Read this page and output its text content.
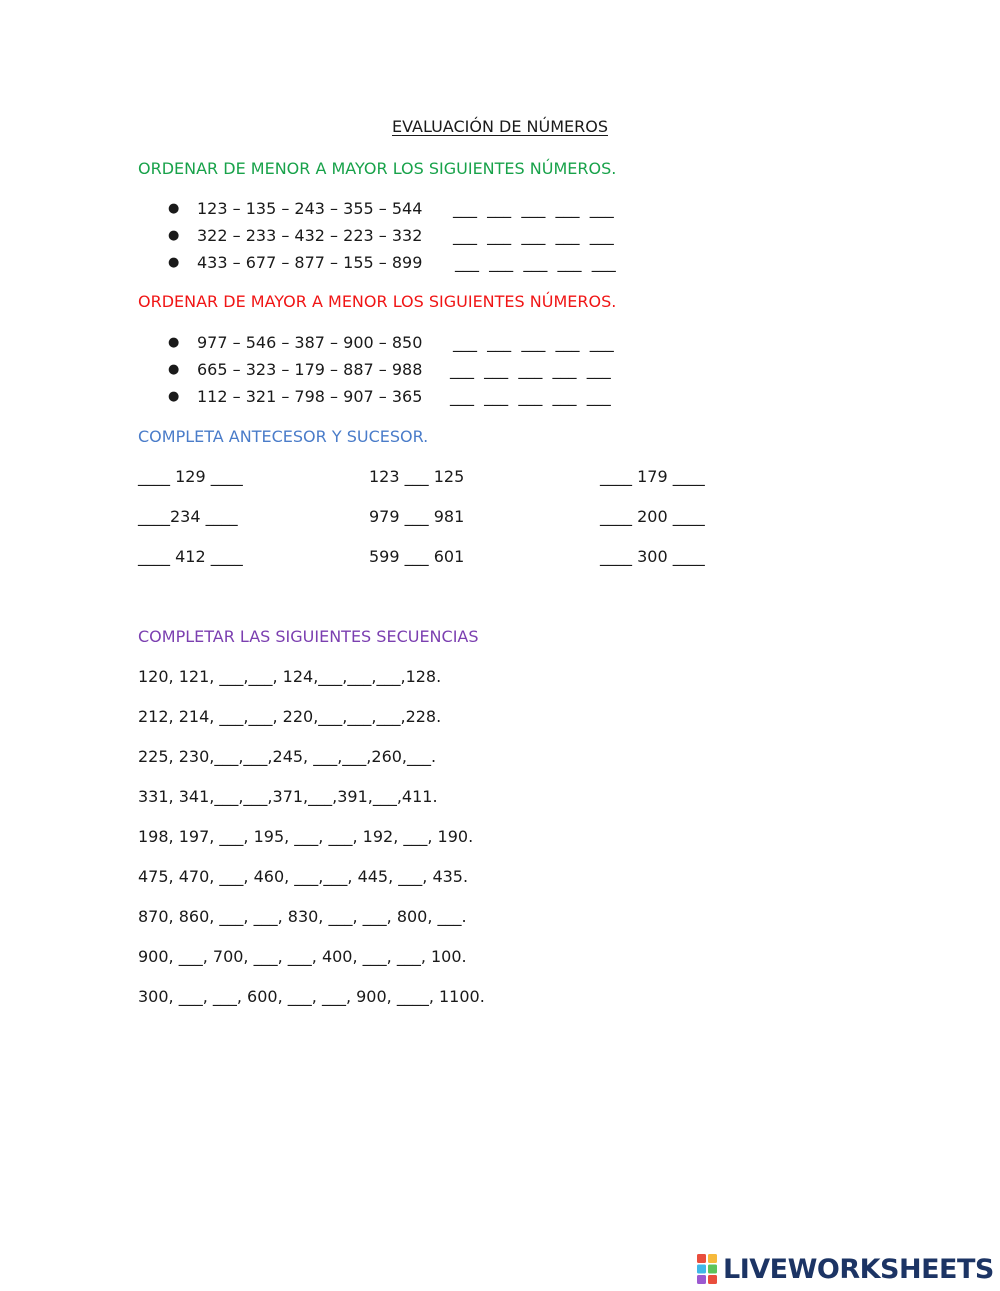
EVALUACIÓN DE NÚMEROS
ORDENAR DE MENOR A MAYOR LOS SIGUIENTES NÚMEROS.
● 123 – 135 – 243 – 355 – 544 ___  ___  ___  ___  ___
● 322 – 233 – 432 – 223 – 332 ___  ___  ___  ___  ___
● 433 – 677 – 877 – 155 – 899 ___  ___  ___  ___  ___
ORDENAR DE MAYOR A MENOR LOS SIGUIENTES NÚMEROS.
● 977 – 546 – 387 – 900 – 850 ___  ___  ___  ___  ___
● 665 – 323 – 179 – 887 – 988 ___  ___  ___  ___  ___
● 112 – 321 – 798 – 907 – 365 ___  ___  ___  ___  ___
COMPLETA ANTECESOR Y SUCESOR.
____ 129 ____	123 ___ 125	____ 179 ____
____234 ____	979 ___ 981	____ 200 ____
____ 412 ____	599 ___ 601	____ 300 ____
COMPLETAR LAS SIGUIENTES SECUENCIAS
120, 121, ___,___, 124,___,___,___,128.
212, 214, ___,___, 220,___,___,___,228.
225, 230,___,___,245, ___,___,260,___.
331, 341,___,___,371,___,391,___,411.
198, 197, ___, 195, ___, ___, 192, ___, 190.
475, 470, ___, 460, ___,___, 445, ___, 435.
870, 860, ___, ___, 830, ___, ___, 800, ___.
900, ___, 700, ___, ___, 400, ___, ___, 100.
300, ___, ___, 600, ___, ___, 900, ____, 1100.
LIVEWORKSHEETS
